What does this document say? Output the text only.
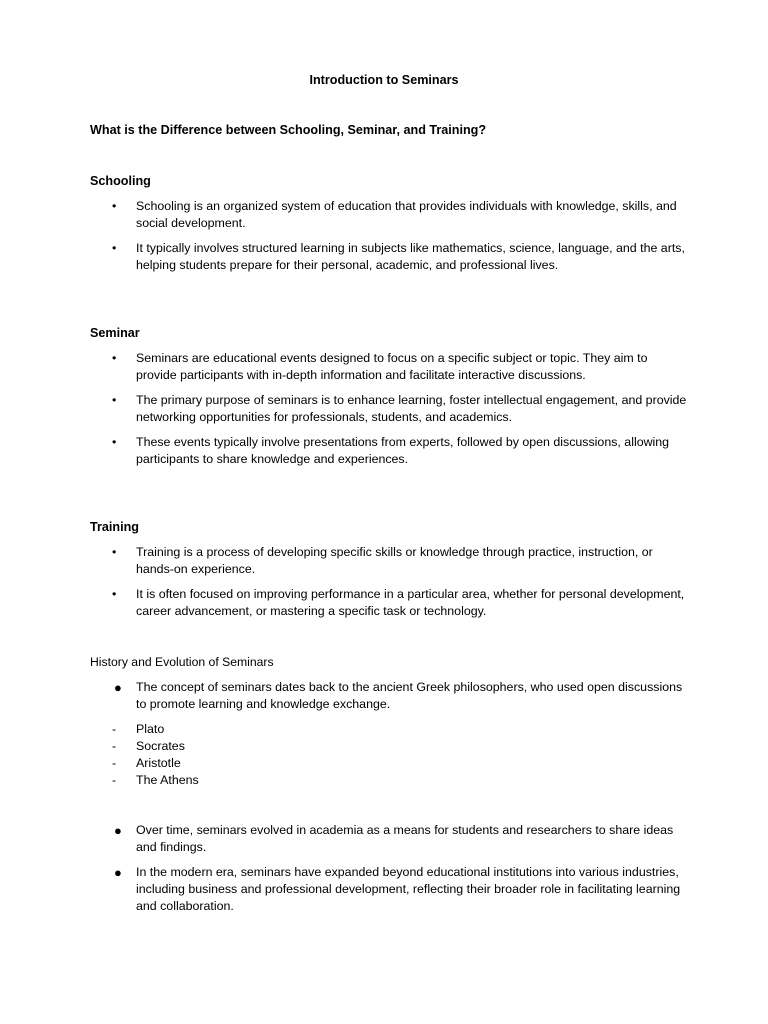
Introduction to Seminars
What is the Difference between Schooling, Seminar, and Training?

Schooling

• Schooling is an organized system of education that provides individuals with knowledge, skills, and social development.
• It typically involves structured learning in subjects like mathematics, science, language, and the arts, helping students prepare for their personal, academic, and professional lives.

Seminar

• Seminars are educational events designed to focus on a specific subject or topic. They aim to provide participants with in-depth information and facilitate interactive discussions.
• The primary purpose of seminars is to enhance learning, foster intellectual engagement, and provide networking opportunities for professionals, students, and academics.
• These events typically involve presentations from experts, followed by open discussions, allowing participants to share knowledge and experiences.

Training

• Training is a process of developing specific skills or knowledge through practice, instruction, or hands-on experience.
• It is often focused on improving performance in a particular area, whether for personal development, career advancement, or mastering a specific task or technology.

History and Evolution of Seminars

● The concept of seminars dates back to the ancient Greek philosophers, who used open discussions to promote learning and knowledge exchange.
- Plato
- Socrates
- Aristotle
- The Athens
● Over time, seminars evolved in academia as a means for students and researchers to share ideas and findings.
● In the modern era, seminars have expanded beyond educational institutions into various industries, including business and professional development, reflecting their broader role in facilitating learning and collaboration.
